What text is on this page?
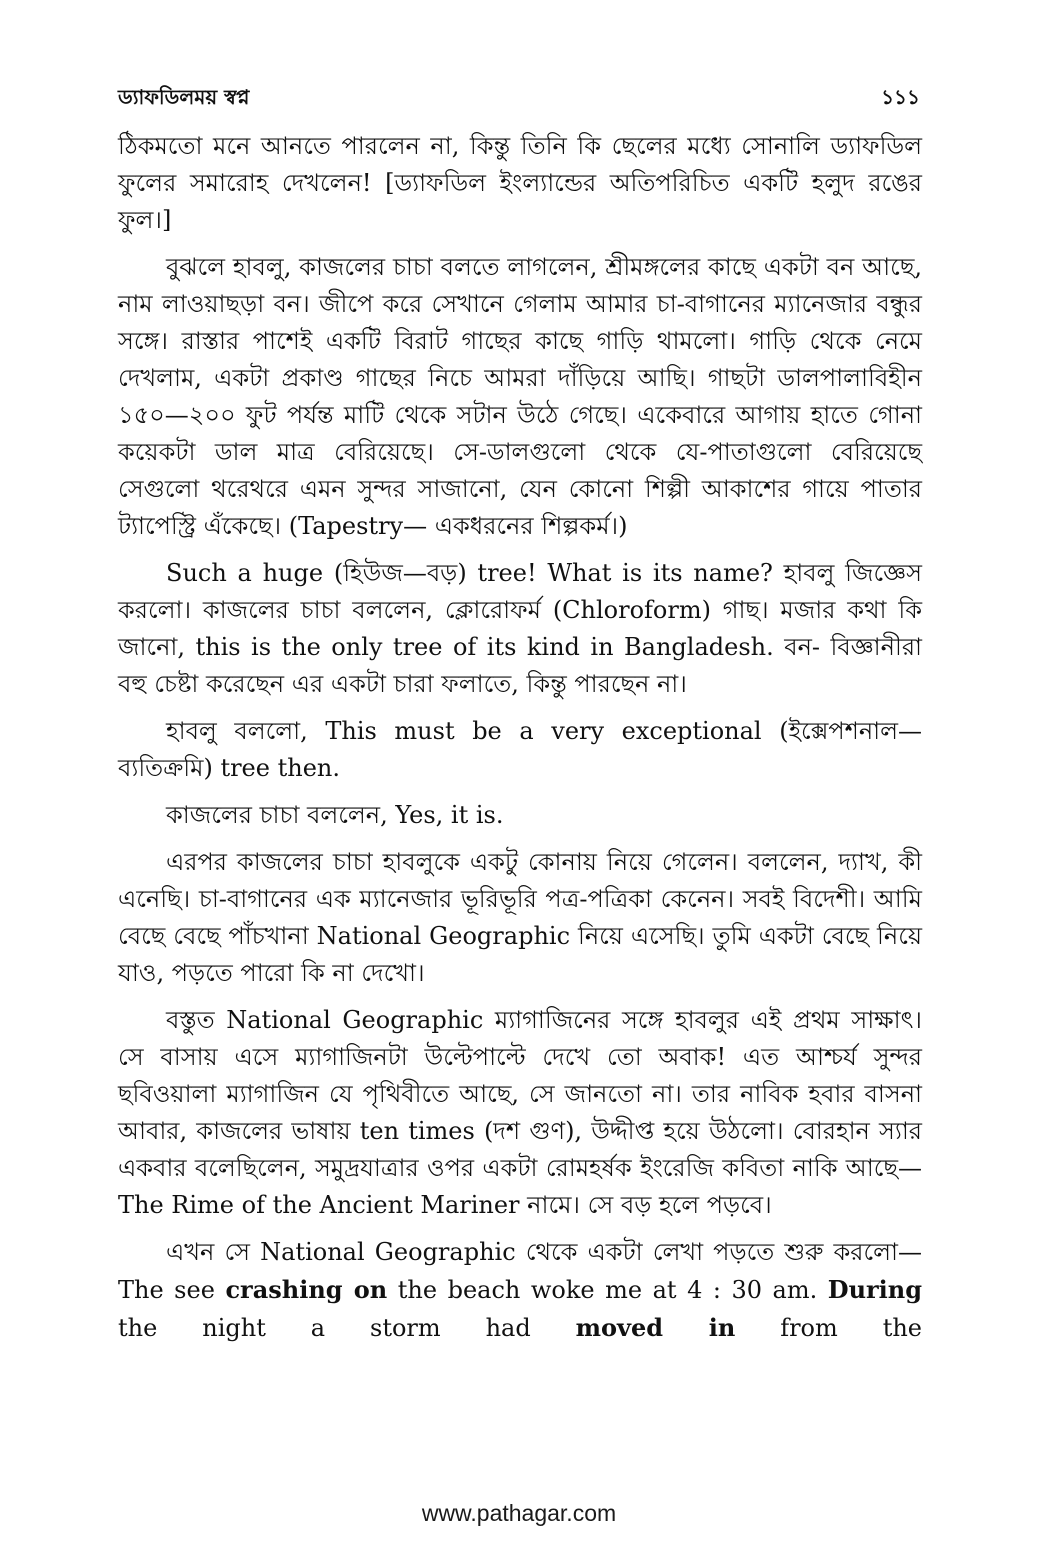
ড্যাফডিলময় স্বপ্ন	১১১

ঠিকমতো মনে আনতে পারলেন না, কিন্তু তিনি কি ছেলের মধ্যে সোনালি ড্যাফডিল ফুলের সমারোহ দেখলেন! [ড্যাফডিল ইংল্যান্ডের অতিপরিচিত একটি হলুদ রঙের ফুল।]

বুঝলে হাবলু, কাজলের চাচা বলতে লাগলেন, শ্রীমঙ্গলের কাছে একটা বন আছে, নাম লাওয়াছড়া বন। জীপে করে সেখানে গেলাম আমার চা-বাগানের ম্যানেজার বন্ধুর সঙ্গে। রাস্তার পাশেই একটি বিরাট গাছের কাছে গাড়ি থামলো। গাড়ি থেকে নেমে দেখলাম, একটা প্রকাণ্ড গাছের নিচে আমরা দাঁড়িয়ে আছি। গাছটা ডালপালাবিহীন ১৫০—২০০ ফুট পর্যন্ত মাটি থেকে সটান উঠে গেছে। একেবারে আগায় হাতে গোনা কয়েকটা ডাল মাত্র বেরিয়েছে। সে-ডালগুলো থেকে যে-পাতাগুলো বেরিয়েছে সেগুলো থরেথরে এমন সুন্দর সাজানো, যেন কোনো শিল্পী আকাশের গায়ে পাতার ট্যাপেস্ট্রি এঁকেছে। (Tapestry— একধরনের শিল্পকর্ম।)

Such a huge (হিউজ—বড়) tree! What is its name? হাবলু জিজ্ঞেস করলো। কাজলের চাচা বললেন, ক্লোরোফর্ম (Chloroform) গাছ। মজার কথা কি জানো, this is the only tree of its kind in Bangladesh. বন- বিজ্ঞানীরা বহু চেষ্টা করেছেন এর একটা চারা ফলাতে, কিন্তু পারছেন না।

হাবলু বললো, This must be a very exceptional (ইক্সেপশনাল—ব্যতিক্রমি) tree then.

কাজলের চাচা বললেন, Yes, it is.

এরপর কাজলের চাচা হাবলুকে একটু কোনায় নিয়ে গেলেন। বললেন, দ্যাখ, কী এনেছি। চা-বাগানের এক ম্যানেজার ভূরিভূরি পত্র-পত্রিকা কেনেন। সবই বিদেশী। আমি বেছে বেছে পাঁচখানা National Geographic নিয়ে এসেছি। তুমি একটা বেছে নিয়ে যাও, পড়তে পারো কি না দেখো।

বস্তুত National Geographic ম্যাগাজিনের সঙ্গে হাবলুর এই প্রথম সাক্ষাৎ। সে বাসায় এসে ম্যাগাজিনটা উল্টেপাল্টে দেখে তো অবাক! এত আশ্চর্য সুন্দর ছবিওয়ালা ম্যাগাজিন যে পৃথিবীতে আছে, সে জানতো না। তার নাবিক হবার বাসনা আবার, কাজলের ভাষায় ten times (দশ গুণ), উদ্দীপ্ত হয়ে উঠলো। বোরহান স্যার একবার বলেছিলেন, সমুদ্রযাত্রার ওপর একটা রোমহর্ষক ইংরেজি কবিতা নাকি আছে—The Rime of the Ancient Mariner নামে। সে বড় হলে পড়বে।

এখন সে National Geographic থেকে একটা লেখা পড়তে শুরু করলো—The see crashing on the beach woke me at 4 : 30 am. During the night a storm had moved in from the

www.pathagar.com
